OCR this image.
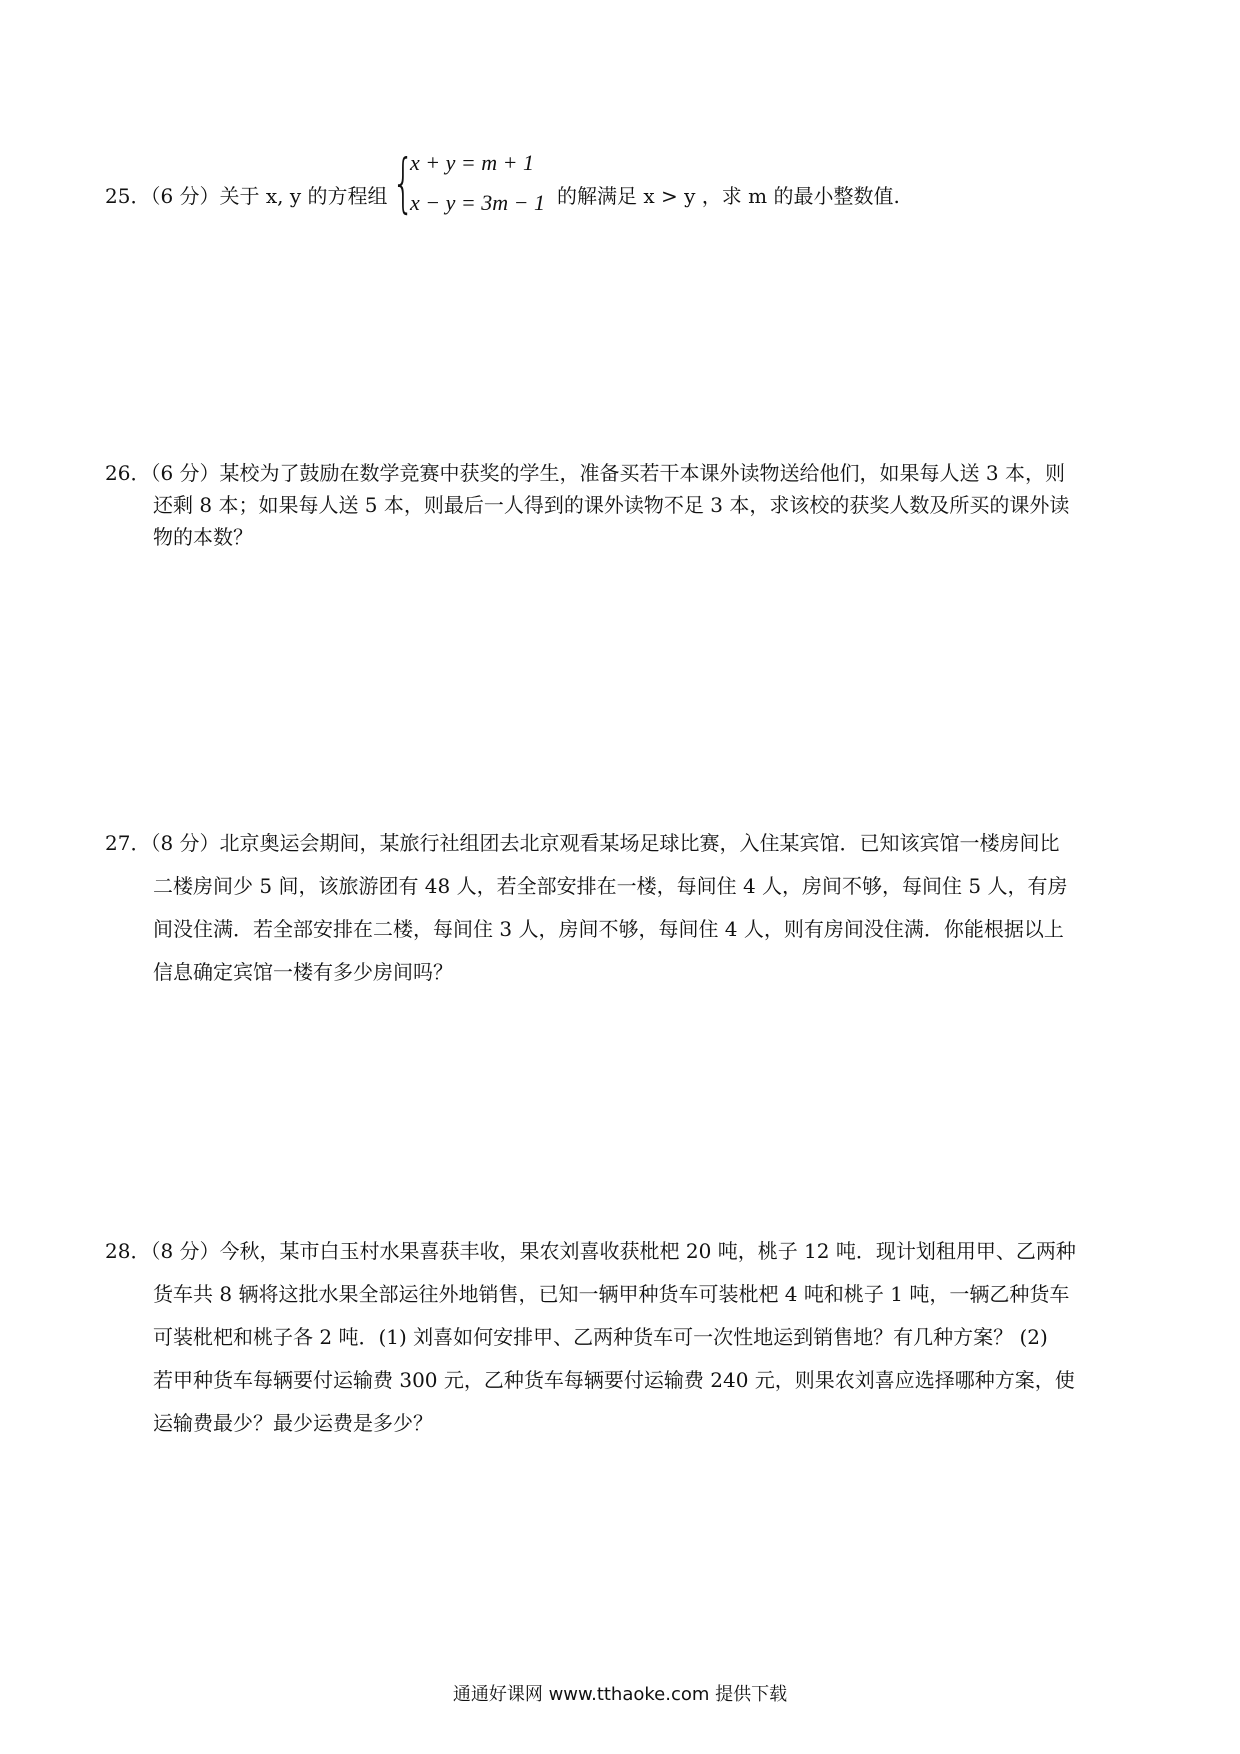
25．（6 分）关于 x, y 的方程组 {
x + y = m + 1
x − y = 3m − 1 的解满足 x > y ，求 m 的最小整数值.
26．（6 分）某校为了鼓励在数学竞赛中获奖的学生，准备买若干本课外读物送给他们，如果每人送 3 本，则
还剩 8 本；如果每人送 5 本，则最后一人得到的课外读物不足 3 本，求该校的获奖人数及所买的课外读
物的本数？
27．（8 分）北京奥运会期间，某旅行社组团去北京观看某场足球比赛，入住某宾馆．已知该宾馆一楼房间比
二楼房间少 5 间，该旅游团有 48 人，若全部安排在一楼，每间住 4 人，房间不够，每间住 5 人，有房
间没住满．若全部安排在二楼，每间住 3 人，房间不够，每间住 4 人，则有房间没住满．你能根据以上
信息确定宾馆一楼有多少房间吗？
28．（8 分）今秋，某市白玉村水果喜获丰收，果农刘喜收获枇杷 20 吨，桃子 12 吨．现计划租用甲、乙两种
货车共 8 辆将这批水果全部运往外地销售，已知一辆甲种货车可装枇杷 4 吨和桃子 1 吨，一辆乙种货车
可装枇杷和桃子各 2 吨．(1) 刘喜如何安排甲、乙两种货车可一次性地运到销售地？有几种方案？ (2)
若甲种货车每辆要付运输费 300 元，乙种货车每辆要付运输费 240 元，则果农刘喜应选择哪种方案，使
运输费最少？最少运费是多少？
通通好课网 www.tthaoke.com 提供下载
